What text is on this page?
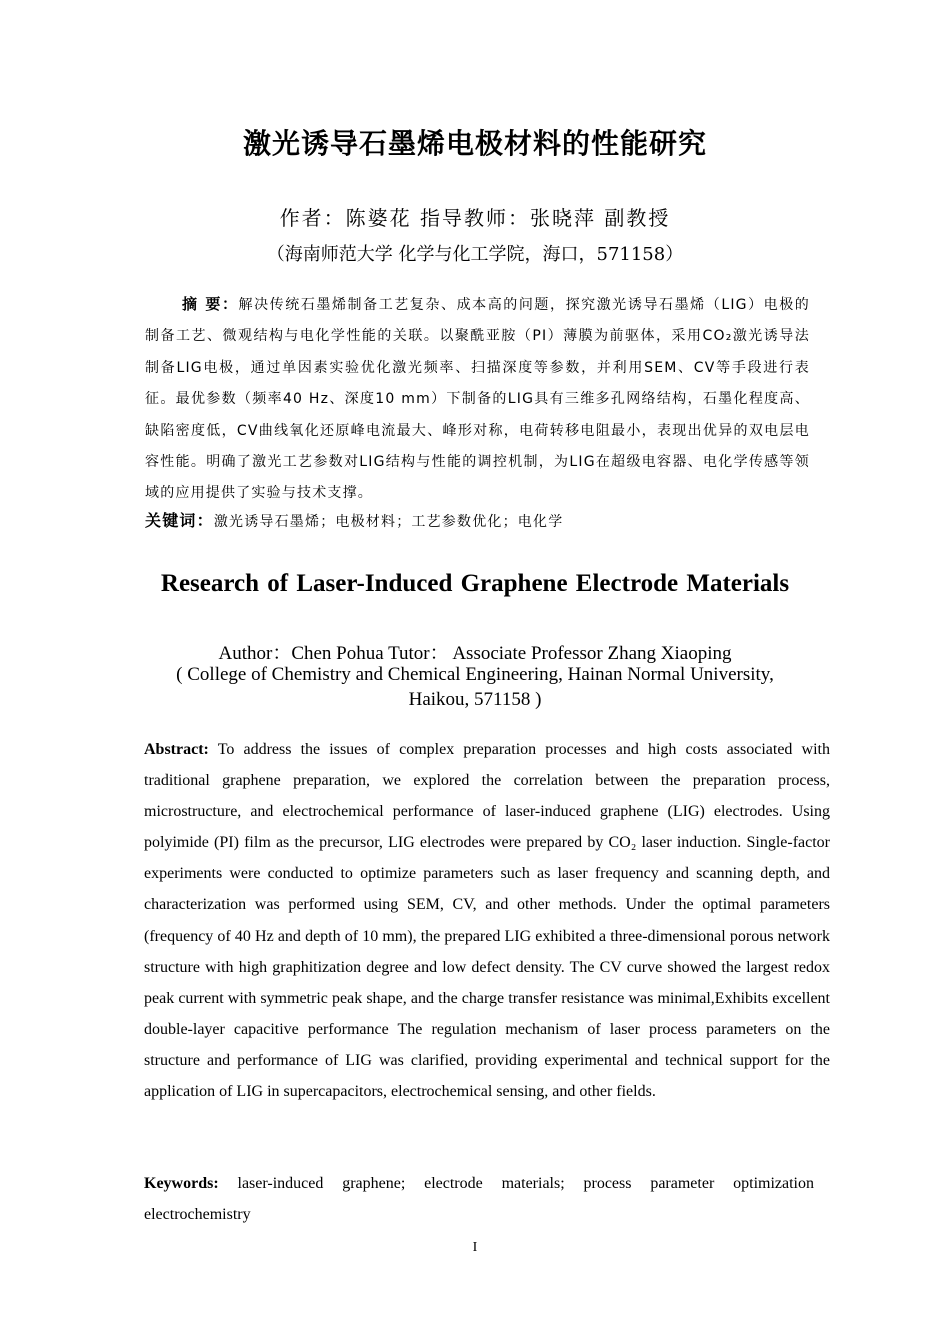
激光诱导石墨烯电极材料的性能研究
作者：陈婆花 指导教师：张晓萍 副教授
（海南师范大学 化学与化工学院，海口，571158）

摘 要：解决传统石墨烯制备工艺复杂、成本高的问题，探究激光诱导石墨烯（LIG）电极的制备工艺、微观结构与电化学性能的关联。以聚酰亚胺（PI）薄膜为前驱体，采用CO₂激光诱导法制备LIG电极，通过单因素实验优化激光频率、扫描深度等参数，并利用SEM、CV等手段进行表征。最优参数（频率40 Hz、深度10 mm）下制备的LIG具有三维多孔网络结构，石墨化程度高、缺陷密度低，CV曲线氧化还原峰电流最大、峰形对称，电荷转移电阻最小，表现出优异的双电层电容性能。明确了激光工艺参数对LIG结构与性能的调控机制，为LIG在超级电容器、电化学传感等领域的应用提供了实验与技术支撑。

关键词：激光诱导石墨烯；电极材料；工艺参数优化；电化学

Research of Laser-Induced Graphene Electrode Materials
Author：Chen Pohua Tutor： Associate Professor Zhang Xiaoping
( College of Chemistry and Chemical Engineering, Hainan Normal University, Haikou, 571158 )

Abstract: To address the issues of complex preparation processes and high costs associated with traditional graphene preparation, we explored the correlation between the preparation process, microstructure, and electrochemical performance of laser-induced graphene (LIG) electrodes. Using polyimide (PI) film as the precursor, LIG electrodes were prepared by CO₂ laser induction. Single-factor experiments were conducted to optimize parameters such as laser frequency and scanning depth, and characterization was performed using SEM, CV, and other methods. Under the optimal parameters (frequency of 40 Hz and depth of 10 mm), the prepared LIG exhibited a three-dimensional porous network structure with high graphitization degree and low defect density. The CV curve showed the largest redox peak current with symmetric peak shape, and the charge transfer resistance was minimal,Exhibits excellent double-layer capacitive performance The regulation mechanism of laser process parameters on the structure and performance of LIG was clarified, providing experimental and technical support for the application of LIG in supercapacitors, electrochemical sensing, and other fields.

Keywords: laser-induced graphene; electrode materials; process parameter optimization electrochemistry

I
